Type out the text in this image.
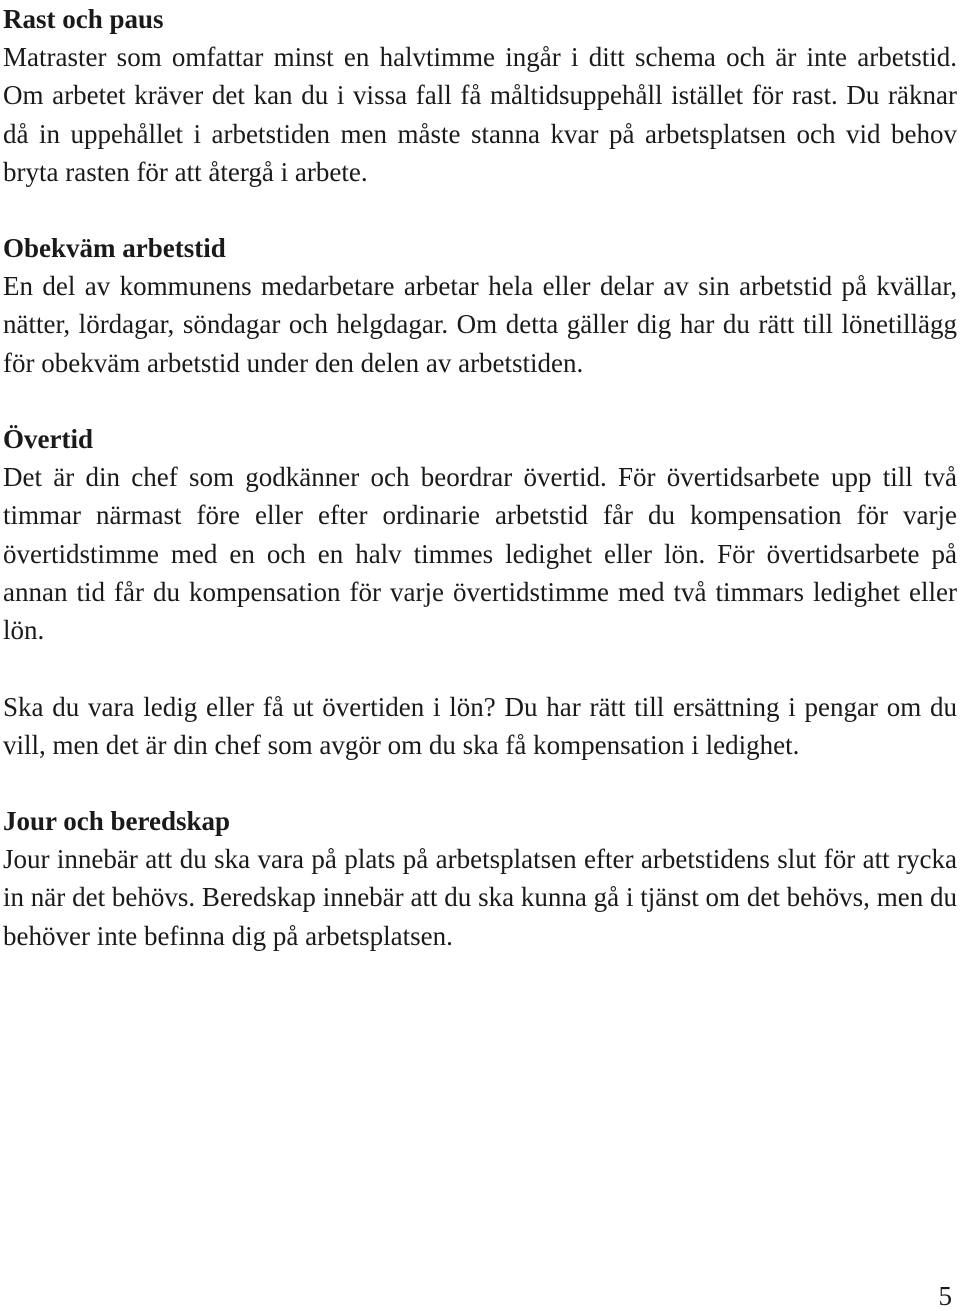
Rast och paus

Matraster som omfattar minst en halvtimme ingår i ditt schema och är inte arbetstid. Om arbetet kräver det kan du i vissa fall få måltidsuppehåll istället för rast. Du räknar då in uppehållet i arbetstiden men måste stanna kvar på arbetsplatsen och vid behov bryta rasten för att återgå i arbete.

Obekväm arbetstid

En del av kommunens medarbetare arbetar hela eller delar av sin arbetstid på kvällar, nätter, lördagar, söndagar och helgdagar. Om detta gäller dig har du rätt till lönetillägg för obekväm arbetstid under den delen av arbetstiden.

Övertid

Det är din chef som godkänner och beordrar övertid. För övertidsarbete upp till två timmar närmast före eller efter ordinarie arbetstid får du kompensation för varje övertidstimme med en och en halv timmes ledighet eller lön. För övertidsarbete på annan tid får du kompensation för varje övertidstimme med två timmars ledighet eller lön.

Ska du vara ledig eller få ut övertiden i lön? Du har rätt till ersättning i pengar om du vill, men det är din chef som avgör om du ska få kompensation i ledighet.

Jour och beredskap

Jour innebär att du ska vara på plats på arbetsplatsen efter arbetstidens slut för att rycka in när det behövs. Beredskap innebär att du ska kunna gå i tjänst om det behövs, men du behöver inte befinna dig på arbetsplatsen.

5
